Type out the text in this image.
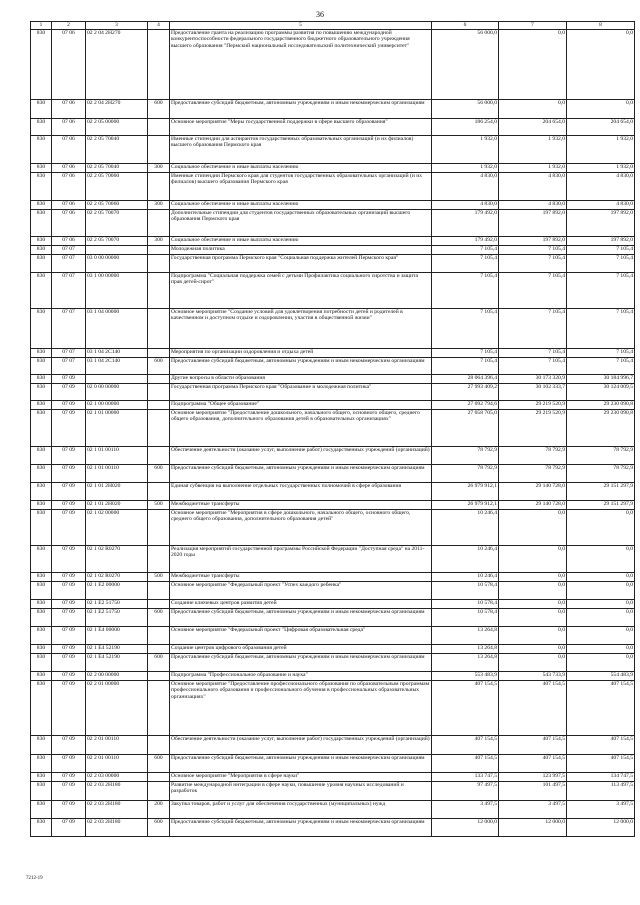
36
1	2	3	4	5	6	7	8
830	07 06	02 2 04 2Н270		Предоставление гранта на реализацию программы развития по повышению международной конкурентоспособности федерального государственного бюджетного образовательного учреждения высшего образования "Пермский национальный исследовательский политехнический университет"	56 000,0	0,0	0,0
830	07 06	02 2 04 2Н270	600	Предоставление субсидий бюджетным, автономным учреждениям и иным некоммерческим организациям	56 000,0	0,0	0,0
830	07 06	02 2 05 00000		Основное мероприятие "Меры государственной поддержки в сфере высшего образования"	186 254,0	204 654,0	204 654,0
830	07 06	02 2 05 70040		Именные стипендии для аспирантов государственных образовательных организаций (и их филиалов) высшего образования Пермского края	1 932,0	1 932,0	1 932,0
830	07 06	02 2 05 70040	300	Социальное обеспечение и иные выплаты населению	1 932,0	1 932,0	1 932,0
830	07 06	02 2 05 70060		Именные стипендии Пермского края для студентов государственных образовательных организаций (и их филиалов) высшего образования Пермского края	4 830,0	4 830,0	4 830,0
830	07 06	02 2 05 70060	300	Социальное обеспечение и иные выплаты населению	4 830,0	4 830,0	4 830,0
830	07 06	02 2 05 70070		Дополнительные стипендии для студентов государственных образовательных организаций высшего образования Пермского края	179 492,0	197 892,0	197 892,0
830	07 06	02 2 05 70070	300	Социальное обеспечение и иные выплаты населению	179 492,0	197 892,0	197 892,0
830	07 07			Молодежная политика	7 105,4	7 105,4	7 105,4
830	07 07	03 0 00 00000		Государственная программа Пермского края "Социальная поддержка жителей Пермского края"	7 105,4	7 105,4	7 105,4
830	07 07	03 1 00 00000		Подпрограмма "Социальная поддержка семей с детьми Профилактика социального сиротства и защита прав детей-сирот"	7 105,4	7 105,4	7 105,4
830	07 07	03 1 04 00000		Основное мероприятие "Создание условий для удовлетворения потребности детей и родителей в качественном и доступном отдыхе и оздоровлении, участия в общественной жизни"	7 105,4	7 105,4	7 105,4
830	07 07	03 1 04 2С140		Мероприятия по организации оздоровления и отдыха детей	7 105,4	7 105,4	7 105,4
830	07 07	03 1 04 2С140	600	Предоставление субсидий бюджетным, автономным учреждениям и иным некоммерческим организациям	7 105,4	7 105,4	7 105,4
830	07 09			Другие вопросы в области образования	28 064 396,4	30 173 320,9	30 184 996,7
830	07 09	02 0 00 00000		Государственная программа Пермского края "Образование и молодежная политика"	27 993 409,2	30 102 333,7	30 124 009,5
830	07 09	02 1 00 00000		Подпрограмма "Общее образование"	27 092 794,6	29 219 520,9	29 230 090,8
830	07 09	02 1 01 00000		Основное мероприятие "Предоставление дошкольного, начального общего, основного общего, среднего общего образования, дополнительного образования детей в образовательных организациях"	27 058 705,0	29 219 520,9	29 230 090,8
830	07 09	02 1 01 00110		Обеспечение деятельности (оказание услуг, выполнение работ) государственных учреждений (организаций)	78 792,9	78 792,9	78 792,9
830	07 09	02 1 01 00110	600	Предоставление субсидий бюджетным, автономным учреждениям и иным некоммерческим организациям	78 792,9	78 792,9	78 792,9
830	07 09	02 1 01 2Н020		Единая субвенция на выполнение отдельных государственных полномочий в сфере образования	26 979 912,1	29 140 728,0	29 151 297,9
830	07 09	02 1 01 2Н020	500	Межбюджетные трансферты	26 979 912,1	29 140 728,0	29 151 297,9
830	07 09	02 1 02 00000		Основное мероприятие "Мероприятия в сфере дошкольного, начального общего, основного общего, среднего общего образования, дополнительного образования детей"	10 246,4	0,0	0,0
830	07 09	02 1 02 R0270		Реализация мероприятий государственной программы Российской Федерации "Доступная среда" на 2011-2020 годы	10 246,4	0,0	0,0
830	07 09	02 1 02 R0270	500	Межбюджетные трансферты	10 246,4	0,0	0,0
830	07 09	02 1 E2 00000		Основное мероприятие "Федеральный проект "Успех каждого ребенка"	10 578,4	0,0	0,0
830	07 09	02 1 E2 51750		Создание ключевых центров развития детей	10 578,4	0,0	0,0
830	07 09	02 1 E2 51750	600	Предоставление субсидий бюджетным, автономным учреждениям и иным некоммерческим организациям	10 578,4	0,0	0,0
830	07 09	02 1 E4 00000		Основное мероприятие "Федеральный проект "Цифровая образовательная среда"	13 264,8	0,0	0,0
830	07 09	02 1 E4 52190		Создание центров цифрового образования детей	13 264,8	0,0	0,0
830	07 09	02 1 E4 52190	600	Предоставление субсидий бюджетным, автономным учреждениям и иным некоммерческим организациям	13 264,8	0,0	0,0
830	07 09	02 2 00 00000		Подпрограмма "Профессиональное образование и наука"	553 483,9	543 733,9	554 483,9
830	07 09	02 2 01 00000		Основное мероприятие "Предоставление профессионального образования по образовательным программам профессионального образования и профессионального обучения в профессиональных образовательных организациях"	407 154,5	407 154,5	407 154,5
830	07 09	02 2 01 00110		Обеспечение деятельности (оказание услуг, выполнение работ) государственных учреждений (организаций)	407 154,5	407 154,5	407 154,5
830	07 09	02 2 01 00110	600	Предоставление субсидий бюджетным, автономным учреждениям и иным некоммерческим организациям	407 154,5	407 154,5	407 154,5
830	07 09	02 2 03 00000		Основное мероприятие "Мероприятия в сфере науки"	133 747,5	123 997,5	134 747,5
830	07 09	02 2 03 2Н180		Развитие международной интеграции в сфере науки, повышение уровня научных исследований и разработок	97 497,5	101 497,5	113 497,5
830	07 09	02 2 03 2Н180	200	Закупка товаров, работ и услуг для обеспечения государственных (муниципальных) нужд	3 497,5	3 497,5	3 497,5
830	07 09	02 2 03 2Н180	600	Предоставление субсидий бюджетным, автономным учреждениям и иным некоммерческим организациям	12 000,0	12 000,0	12 000,0
7212-19
